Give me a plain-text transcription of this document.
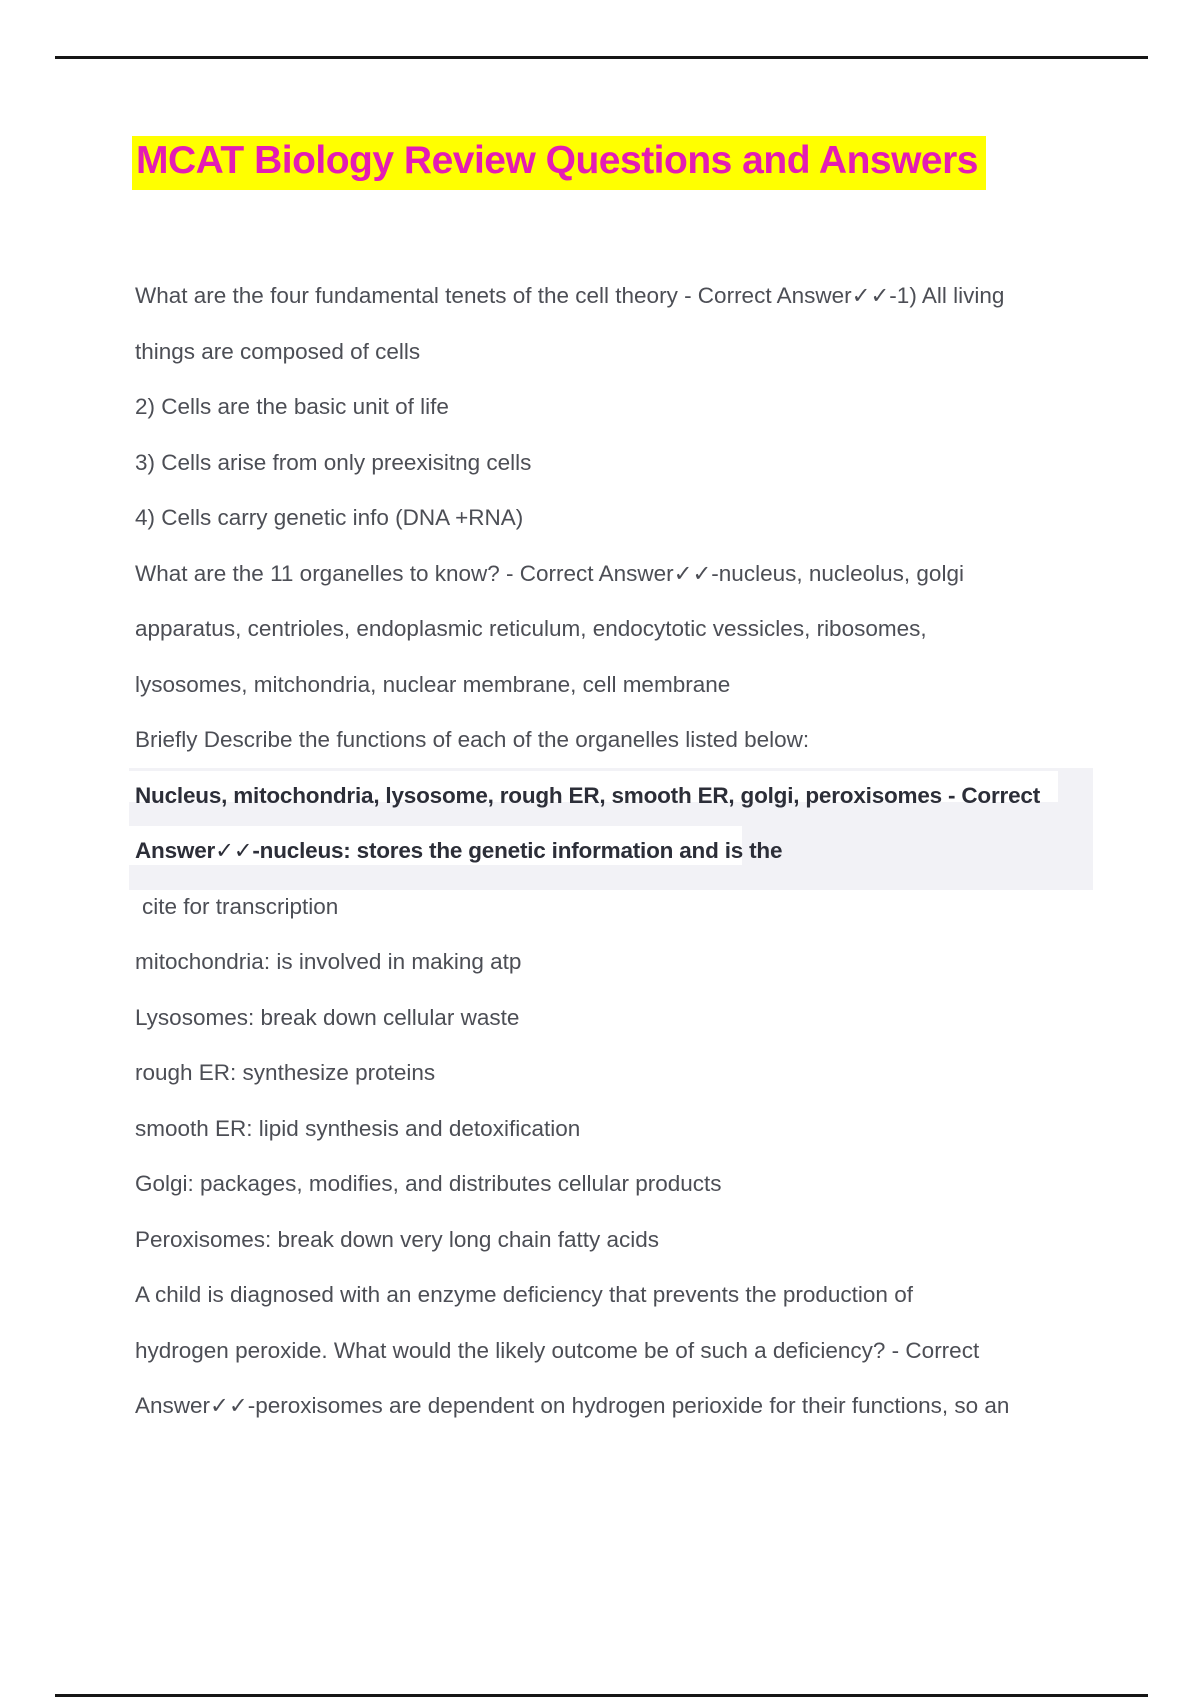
MCAT Biology Review Questions and Answers
What are the four fundamental tenets of the cell theory - Correct Answer✓✓-1) All living
things are composed of cells
2) Cells are the basic unit of life
3) Cells arise from only preexisitng cells
4) Cells carry genetic info (DNA +RNA)
What are the 11 organelles to know? - Correct Answer✓✓-nucleus, nucleolus, golgi
apparatus, centrioles, endoplasmic reticulum, endocytotic vessicles, ribosomes,
lysosomes, mitchondria, nuclear membrane, cell membrane
Briefly Describe the functions of each of the organelles listed below:
Nucleus, mitochondria, lysosome, rough ER, smooth ER, golgi, peroxisomes - Correct
Answer✓✓-nucleus: stores the genetic information and is the
cite for transcription
mitochondria: is involved in making atp
Lysosomes: break down cellular waste
rough ER: synthesize proteins
smooth ER: lipid synthesis and detoxification
Golgi: packages, modifies, and distributes cellular products
Peroxisomes: break down very long chain fatty acids
A child is diagnosed with an enzyme deficiency that prevents the production of
hydrogen peroxide. What would the likely outcome be of such a deficiency? - Correct
Answer✓✓-peroxisomes are dependent on hydrogen perioxide for their functions, so an
